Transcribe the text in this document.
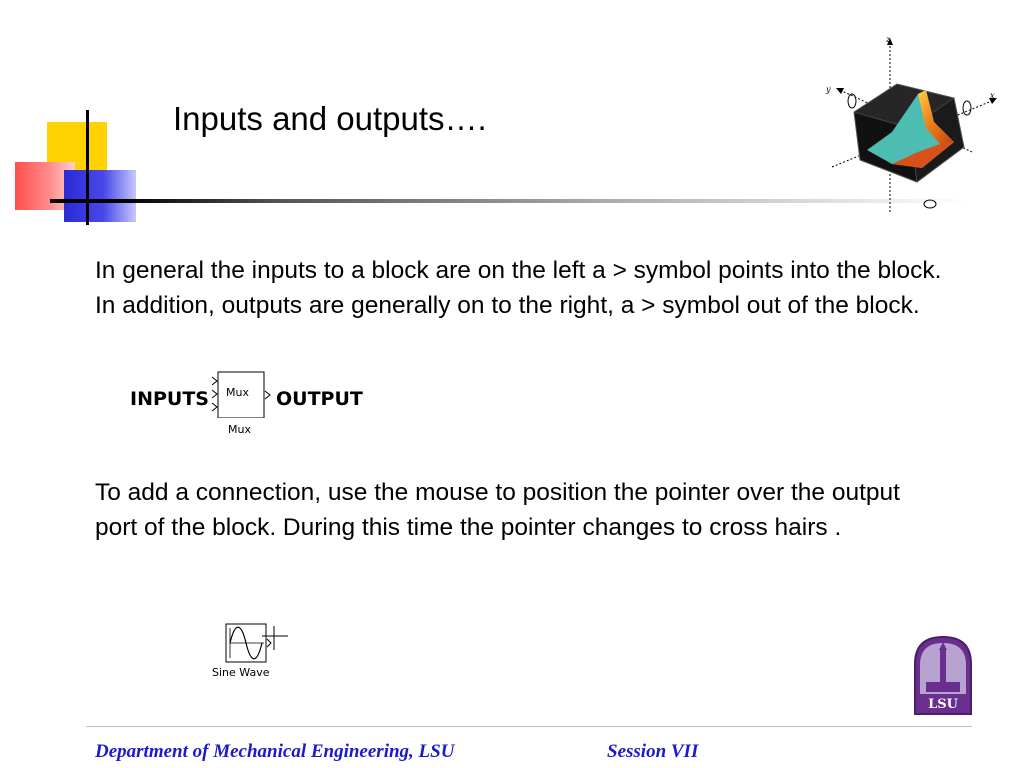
Inputs and outputs….
z
x
y
In general the inputs to a block are on the left a > symbol points into the block. In addition, outputs are generally on to the right, a > symbol out of the block.
INPUTS Mux
Mux
OUTPUT
To add a connection, use the mouse to position the pointer over the output port of the block. During this time the pointer changes to cross hairs .
Sine Wave
LSU
Department of Mechanical Engineering, LSU	Session VII
